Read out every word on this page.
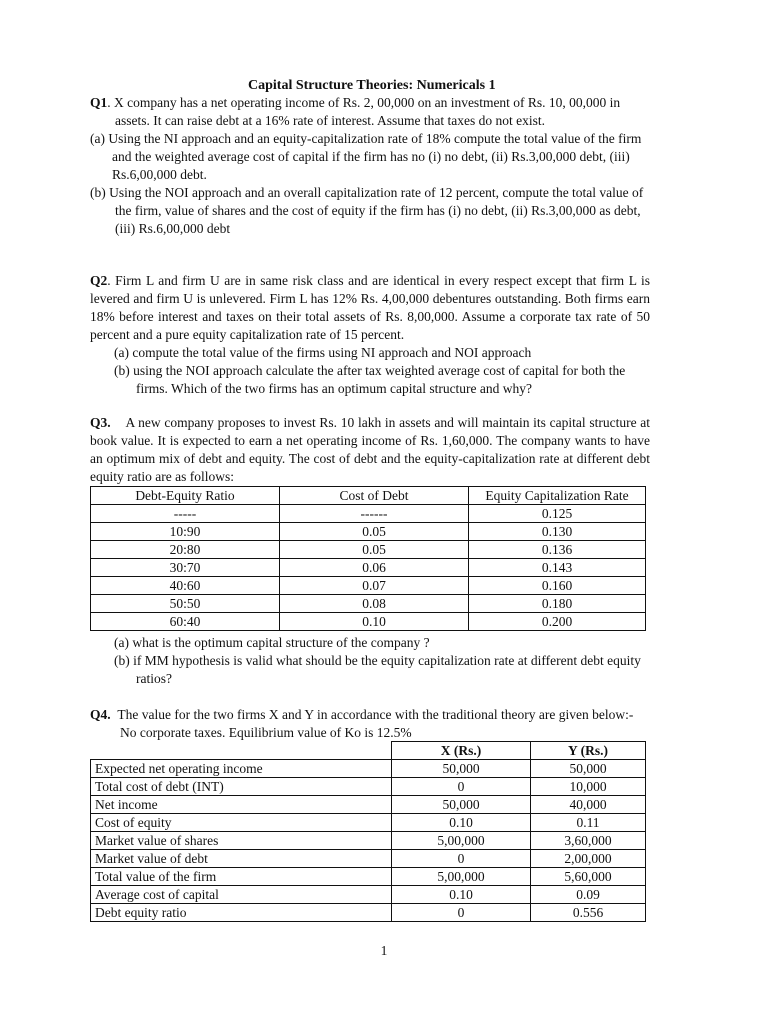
Capital Structure Theories: Numericals 1

Q1. X company has a net operating income of Rs. 2, 00,000 on an investment of Rs. 10, 00,000 in assets. It can raise debt at a 16% rate of interest. Assume that taxes do not exist.

(a) Using the NI approach and an equity-capitalization rate of 18% compute the total value of the firm and the weighted average cost of capital if the firm has no (i) no debt, (ii) Rs.3,00,000 debt, (iii) Rs.6,00,000 debt.

(b) Using the NOI approach and an overall capitalization rate of 12 percent, compute the total value of the firm, value of shares and the cost of equity if the firm has (i) no debt, (ii) Rs.3,00,000 as debt, (iii) Rs.6,00,000 debt

Q2. Firm L and firm U are in same risk class and are identical in every respect except that firm L is levered and firm U is unlevered. Firm L has 12% Rs. 4,00,000 debentures outstanding. Both firms earn 18% before interest and taxes on their total assets of Rs. 8,00,000. Assume a corporate tax rate of 50 percent and a pure equity capitalization rate of 15 percent.

(a) compute the total value of the firms using NI approach and NOI approach

(b) using the NOI approach calculate the after tax weighted average cost of capital for both the firms. Which of the two firms has an optimum capital structure and why?

Q3. A new company proposes to invest Rs. 10 lakh in assets and will maintain its capital structure at book value. It is expected to earn a net operating income of Rs. 1,60,000. The company wants to have an optimum mix of debt and equity. The cost of debt and the equity-capitalization rate at different debt equity ratio are as follows:

Debt-Equity Ratio	Cost of Debt	Equity Capitalization Rate
-----	------	0.125
10:90	0.05	0.130
20:80	0.05	0.136
30:70	0.06	0.143
40:60	0.07	0.160
50:50	0.08	0.180
60:40	0.10	0.200

(a) what is the optimum capital structure of the company ?

(b) if MM hypothesis is valid what should be the equity capitalization rate at different debt equity ratios?

Q4. The value for the two firms X and Y in accordance with the traditional theory are given below:- No corporate taxes. Equilibrium value of Ko is 12.5%

	X (Rs.)	Y (Rs.)
Expected net operating income	50,000	50,000
Total cost of debt (INT)	0	10,000
Net income	50,000	40,000
Cost of equity	0.10	0.11
Market value of shares	5,00,000	3,60,000
Market value of debt	0	2,00,000
Total value of the firm	5,00,000	5,60,000
Average cost of capital	0.10	0.09
Debt equity ratio	0	0.556
1
